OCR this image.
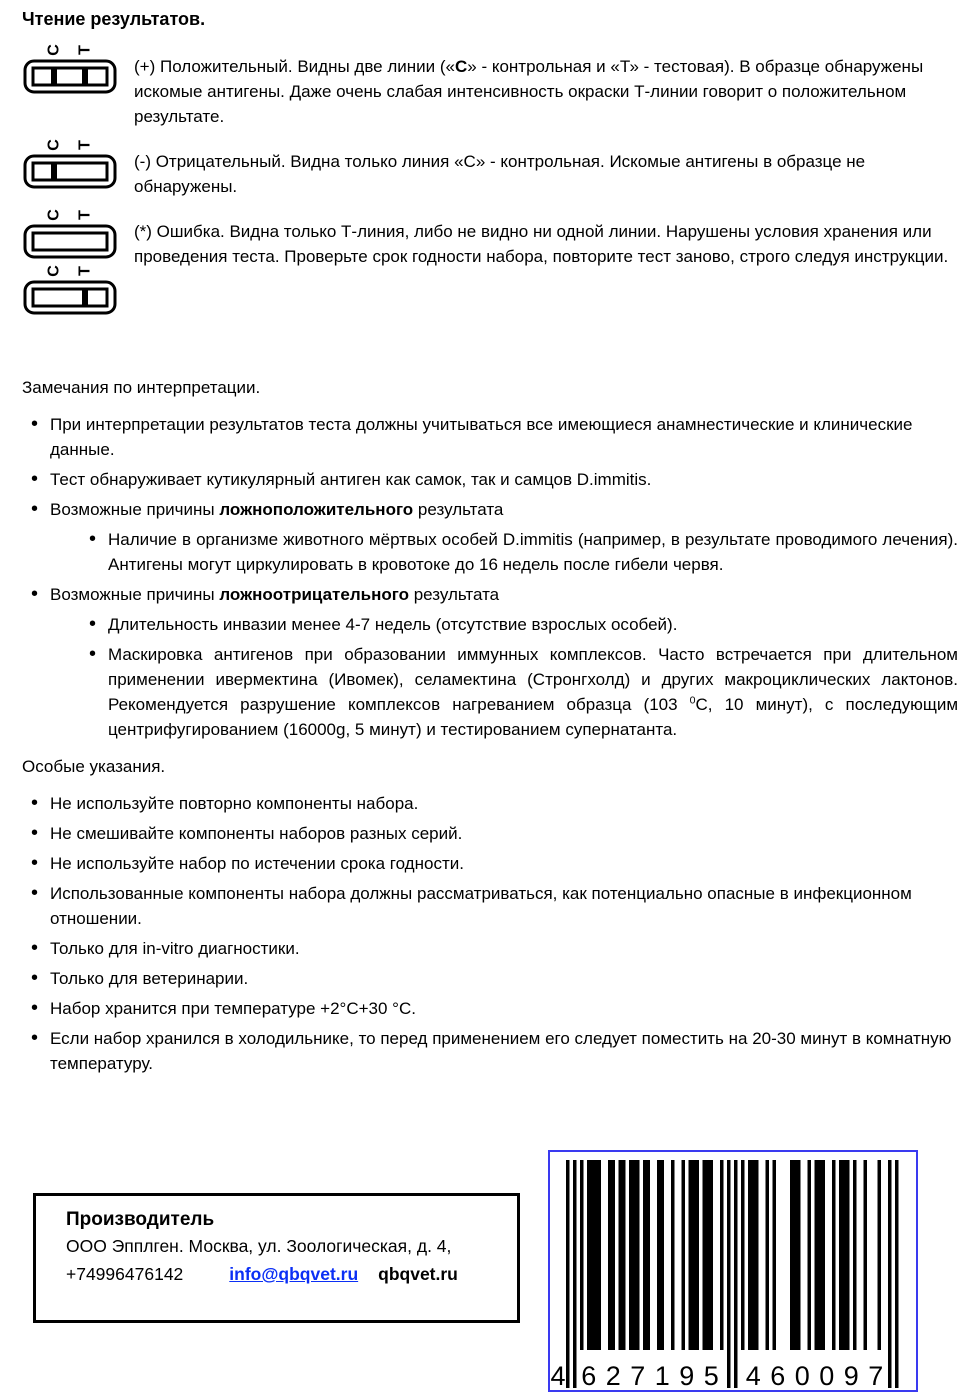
Чтение результатов.
C T
(+) Положительный. Видны две линии («C» - контрольная и «Т» - тестовая). В образце обнаружены искомые антигены. Даже очень слабая интенсивность окраски Т-линии говорит о положительном результате.
C T
(-) Отрицательный. Видна только линия «С» - контрольная. Искомые антигены в образце не обнаружены.
C T
C T
(*) Ошибка. Видна только Т-линия, либо не видно ни одной линии. Нарушены условия хранения или проведения теста. Проверьте срок годности набора, повторите тест заново, строго следуя инструкции.
Замечания по интерпретации.
• При интерпретации результатов теста должны учитываться все имеющиеся анамнестические и клинические данные.
• Тест обнаруживает кутикулярный антиген как самок, так и самцов D.immitis.
• Возможные причины ложноположительного результата
• Наличие в организме животного мёртвых особей D.immitis (например, в результате проводимого лечения). Антигены могут циркулировать в кровотоке до 16 недель после гибели червя.
• Возможные причины ложноотрицательного результата
• Длительность инвазии менее 4-7 недель (отсутствие взрослых особей).
• Маскировка антигенов при образовании иммунных комплексов. Часто встречается при длительном применении ивермектина (Ивомек), селамектина (Стронгхолд) и других макроциклических лактонов. Рекомендуется разрушение комплексов нагреванием образца (103 $^0$С, 10 минут), с последующим центрифугированием (16000g, 5 минут) и тестированием супернатанта.
Особые указания.
• Не используйте повторно компоненты набора.
• Не смешивайте компоненты наборов разных серий.
• Не используйте набор по истечении срока годности.
• Использованные компоненты набора должны рассматриваться, как потенциально опасные в инфекционном отношении.
• Только для in-vitro диагностики.
• Только для ветеринарии.
• Набор хранится при температуре +2°С+30 °С.
• Если набор хранился в холодильнике, то перед применением его следует поместить на 20-30 минут в комнатную температуру.
Производитель
ООО Эпплген. Москва, ул. Зоологическая, д. 4,
+74996476142	info@qbqvet.ru qbqvet.ru
4 6 2 7 1 9 5 4 6 0 0 9 7
